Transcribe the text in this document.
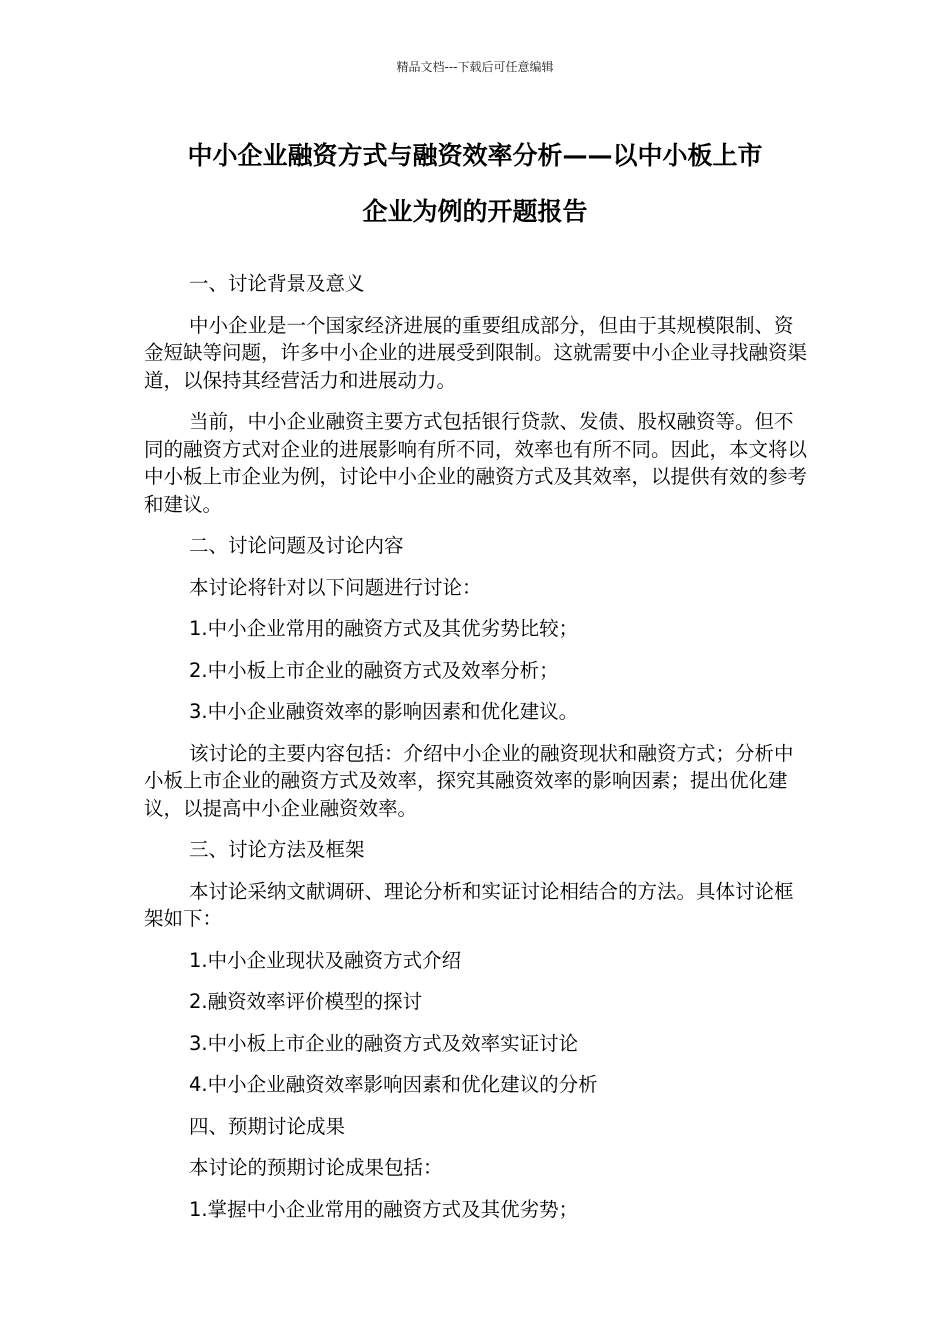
精品文档---下载后可任意编辑
中小企业融资方式与融资效率分析——以中小板上市
企业为例的开题报告

一、讨论背景及意义

中小企业是一个国家经济进展的重要组成部分，但由于其规模限制、资金短缺等问题，许多中小企业的进展受到限制。这就需要中小企业寻找融资渠道，以保持其经营活力和进展动力。

当前，中小企业融资主要方式包括银行贷款、发债、股权融资等。但不同的融资方式对企业的进展影响有所不同，效率也有所不同。因此，本文将以中小板上市企业为例，讨论中小企业的融资方式及其效率，以提供有效的参考和建议。

二、讨论问题及讨论内容

本讨论将针对以下问题进行讨论：

1.中小企业常用的融资方式及其优劣势比较；

2.中小板上市企业的融资方式及效率分析；

3.中小企业融资效率的影响因素和优化建议。

该讨论的主要内容包括：介绍中小企业的融资现状和融资方式；分析中小板上市企业的融资方式及效率，探究其融资效率的影响因素；提出优化建议，以提高中小企业融资效率。

三、讨论方法及框架

本讨论采纳文献调研、理论分析和实证讨论相结合的方法。具体讨论框架如下：

1.中小企业现状及融资方式介绍

2.融资效率评价模型的探讨

3.中小板上市企业的融资方式及效率实证讨论

4.中小企业融资效率影响因素和优化建议的分析

四、预期讨论成果

本讨论的预期讨论成果包括：

1.掌握中小企业常用的融资方式及其优劣势；
